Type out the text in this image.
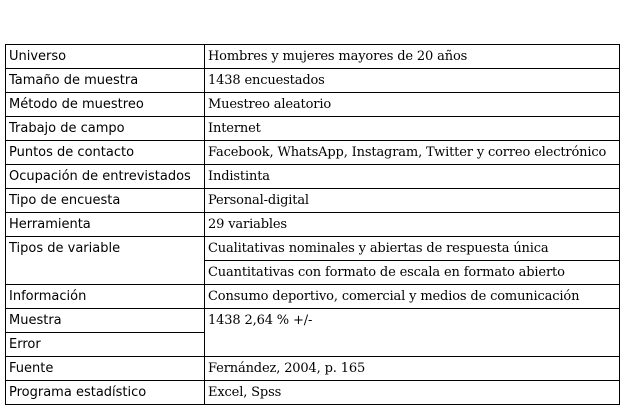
Universo	Hombres y mujeres mayores de 20 años
Tamaño de muestra	1438 encuestados
Método de muestreo	Muestreo aleatorio
Trabajo de campo	Internet
Puntos de contacto	Facebook, WhatsApp, Instagram, Twitter y correo electrónico
Ocupación de entrevistados	Indistinta
Tipo de encuesta	Personal-digital
Herramienta	29 variables
Tipos de variable	Cualitativas nominales y abiertas de respuesta única
	Cuantitativas con formato de escala en formato abierto
Información	Consumo deportivo, comercial y medios de comunicación
Muestra	1438 2,64 % +/-
Error	
Fuente	Fernández, 2004, p. 165
Programa estadístico	Excel, Spss
